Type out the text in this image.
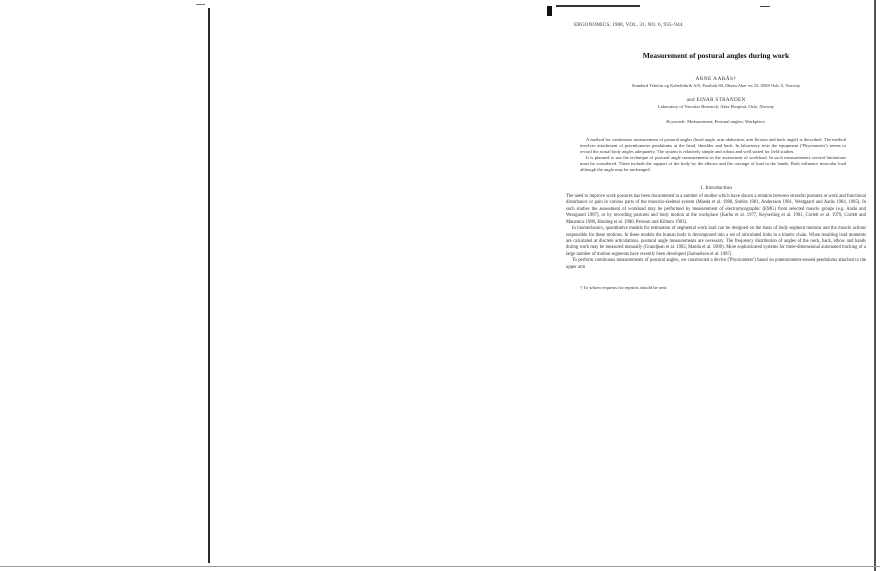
ERGONOMICS, 1988, VOL. 31, NO. 6, 935–944
Measurement of postural angles during work
ARNE AARÅS†
Standard Telefon og Kabelfabrik A/S, Postbok 60, Økern Aker vn 33, 0508 Oslo 5, Norway
and EINAR STRANDEN
Laboratory of Vascular Research, Aker Hospital, Oslo, Norway
Keywords: Measurement; Postural angles; Workplace.

A method for continuous measurement of postural angles (head angle, arm abduction, arm flexion and back angle) is described. The method involves attachment of potentiometer pendulums at the head, shoulder and back. In laboratory tests the equipment ('Physiometer') seems to record the actual body angles adequately. The system is relatively simple and robust and well suited for field studies.

It is planned to use the technique of postural angle measurements in the assessment of workload. In such measurements several limitations must be considered. These include the support of the body by the elbows and the carriage of load in the hands. Both influence muscular load although the angle may be unchanged.

1. Introduction

The need to improve work postures has been documented in a number of studies which have shown a relation between stressful postures at work and functional disturbance or pain in various parts of the musculo-skeletal system (Maeda et al. 1980, Stubbs 1981, Andersson 1981, Westgaard and Aarås 1984, 1985). In such studies the assessment of workload may be performed by measurement of electromyographic (EMG) from selected muscle groups (e.g. Aarås and Westgaard 1987), or by recording postures and body motion at the workplace (Karhu et al. 1977, Keyserling et al. 1981, Corlett et al. 1979, Corlett and Manenica 1980, Hunting et al. 1980, Persson and Kilbom 1983).

In biomechanics, quantitative models for estimation of segmental work load can be designed on the basis of body segment motions and the muscle actions responsible for these motions. In these models the human body is decomposed into a set of articulated links in a kinetic chain. When resulting load moments are calculated at discrete articulations, postural angle measurements are necessary. The frequency distribution of angles of the neck, back, elbow and hands during work may be measured manually (Grandjean et al. 1982, Maeda et al. 1980). More sophisticated systems for three-dimensional automated tracking of a large number of motion segments have recently been developed (Samuelson et al. 1987).

To perform continuous measurements of postural angles, we constructed a device ('Physiometer') based on potentiometer-sensed pendulums attached to the upper arm

† To whom requests for reprints should be sent.
